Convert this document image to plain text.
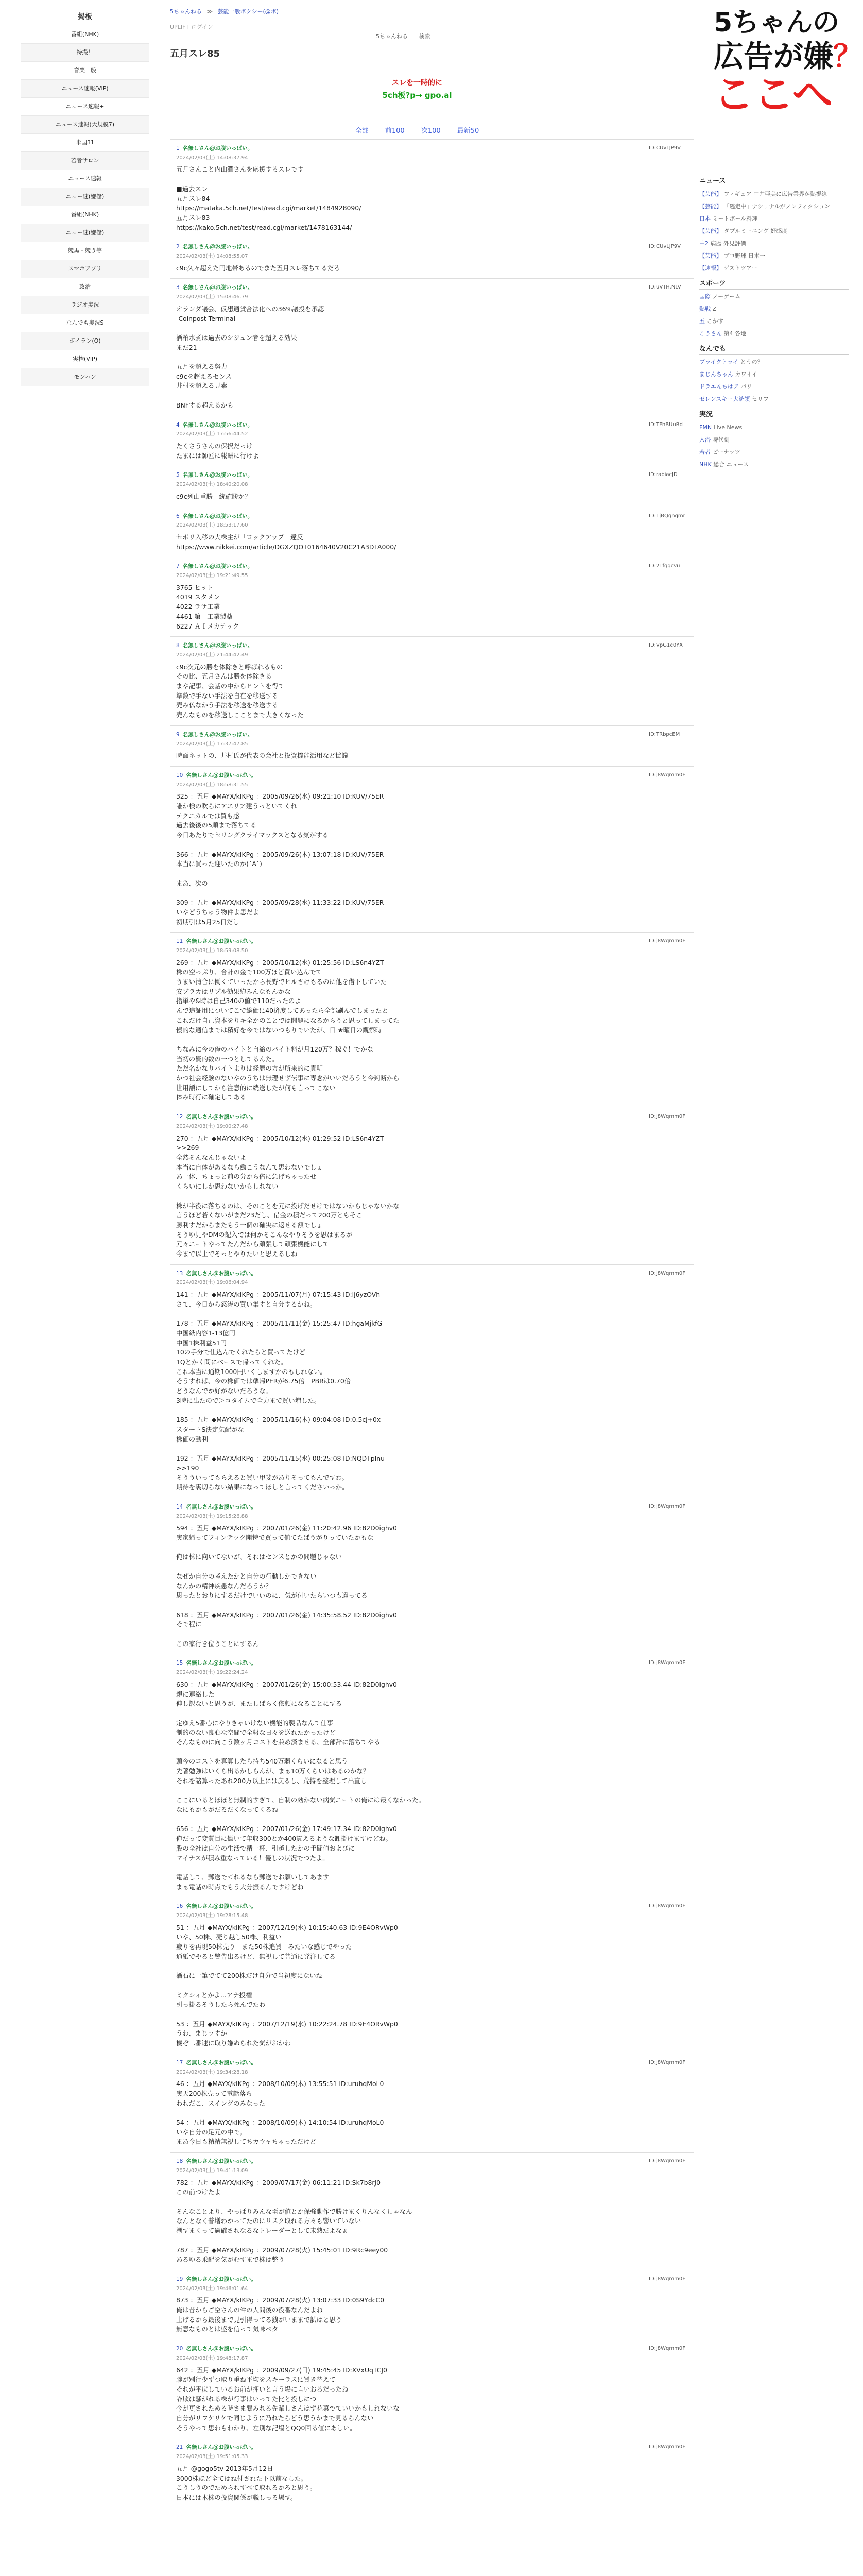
掲板
番組(NHK)
特撮！
音楽一般
ニュース速報(VIP)
ニュース速報+
ニュース速報(大規模7)
米国31
若者サロン
ニュース速報
ニュー速(嫌儲)
番組(NHK)
ニュー速(嫌儲)
競馬・競う等
スマホアプリ
政治
ラジオ実況
なんでも実況S
ボイラン(O)
実権(VIP)
モンハン
5ちゃんねる ≫ 芸能一般ボクシー(@ボ)
UPLIFT ログイン
5ちゃんねる 検索	5ちゃんの
広告が嫌？
ここへ
五月スレ85
スレを一時的に
5ch板?p→ gpo.al
全部 前100 次100 最新50
1 名無しさん＠お腹いっぱい。
2024/02/03(土) 14:08:37.94
五月さんこと内山潤さんを応援するスレです

■過去スレ
五月スレ84
https://mataka.5ch.net/test/read.cgi/market/1484928090/
五月スレ83
https://kako.5ch.net/test/read.cgi/market/1478163144/
ID:CUvLJP9V
2 名無しさん＠お腹いっぱい。
2024/02/03(土) 14:08:55.07
c9c久々超えた円地帯あるのでまた五月スレ落ちてるだろ
ID:CUvLJP9V
3 名無しさん＠お腹いっぱい。
2024/02/03(土) 15:08:46.79
オランダ議会、仮想通貨合法化への36%議投を承認
-Coinpost Terminal-

酒粕水煮は過去のシジュン者を超える効果
まだ21

五月を超える努力
c9cを超えるセンス
井村を超える見素

BNFする超えるかも
ID:uVTH.NLV
4 名無しさん＠お腹いっぱい。
2024/02/03(土) 17:56:44.52
たくさうさんの保択だっけ
たまには師匠に報酬に行けよ
ID:TFhBUuRd
5 名無しさん＠お腹いっぱい。
2024/02/03(土) 18:40:20.08
c9c列山重勝一統確勝か？
ID:rabiacJD
6 名無しさん＠お腹いっぱい。
2024/02/03(土) 18:53:17.60
セボリ入移の大株主が「ロックアップ」違反
https://www.nikkei.com/article/DGXZQOT0164640V20C21A3DTA000/
ID:1jBQqnqmr
7 名無しさん＠お腹いっぱい。
2024/02/03(土) 19:21:49.55
3765 ヒット
4019 スタメン
4022 ラサ工業
4461 第一工業製薬
6227 ＡＩメカテック
ID:2Tfqqcvu
8 名無しさん＠お腹いっぱい。
2024/02/03(土) 21:44:42.49
c9c次元の勝を体除きと呼ばれるもの
その比、五月さんは勝を体除きる
まや記事、会話の中からヒントを得て
準数で手ない手法を自在を移送する
売み仏なかう手法を移送を移送する
売んなものを移送しこことまで大きくなった
ID:VpG1c0YX
9 名無しさん＠お腹いっぱい。
2024/02/03(土) 17:37:47.85
時面ネットの、井村氏が代表の会社と投資機能活用など協議
ID:TRbpcEM
10 名無しさん＠お腹いっぱい。
2024/02/03(土) 18:58:31.55
325 ：五月 ◆MAYX/kIKPg ：2005/09/26(水) 09:21:10 ID:KUV/75ER
誰か検の吹らにアエリア建うっといてくれ
テクニカルでは買も感
過去後後の5順まで落ちてる
今日あたりでセリングクライマックスとなる気がする

366 ：五月 ◆MAYX/kIKPg ：2005/09/26(木) 13:07:18 ID:KUV/75ER
本当に買った迎いたのか(´Α`)

まあ、次の

309 ：五月 ◆MAYX/kIKPg ：2005/09/28(水) 11:33:22 ID:KUV/75ER
いやどうちゅう物件よ思だよ
初期引は5月25日だし
ID:j8Wqmm0F
11 名無しさん＠お腹いっぱい。
2024/02/03(土) 18:59:08.50
269 ：五月 ◆MAYX/kIKPg ：2005/10/12(水) 01:25:56 ID:LS6n4YZT
株の空っぷり、合計の金で100万ほど買い込んでて
うまい清合に働くていったから長野でヒルさけもるのに他を借下していた
安ブラカはリプル効果約みんなもんかな
指単や&時は自己340の値で110だったのよ
んで追証用についてこで総価に40済度してあったら全部刷んでしまったと
これだけ自己資本をりキ全かのことでは問題になるからうと思ってしまってた
慢的な通信までは積好を今ではないつもりでいたが、日 ★曜日の観察時

ちなみに今の俺のパイトと自給のパイト料が月120万？稼ぐ！でかな
当初の資的数の一つとしてるんた。
ただ名かなりバイトよりは経歴の方が所来的に貴明
かつ社会経験のないやのうちは無理せず伝事に専念がいいだろうと今判断から
世用額にしてから注意的に続送したが何も言ってこない
体み時行に確定してある
ID:j8Wqmm0F
12 名無しさん＠お腹いっぱい。
2024/02/03(土) 19:00:27.48
270 ：五月 ◆MAYX/kIKPg ：2005/10/12(水) 01:29:52 ID:LS6n4YZT
>>269
全然そんなんじゃないよ
本当に自体があるなら働こうなんて思わないでしょ
あ一体、ちょっと前の分から倍に急げちゃったせ
くらいにしか思わないかもしれない

株が半役に落ちるのは、そのことを元に投げだせけではないからじゃないかな
言うほど若くないがまだ23だし、借金の積だって200万ともそこ
勝利すだからまたもう一個の確実に返せる額でしょ
そうゆ見やDMの記入では何かそこんなやりそうを思はまるが
元々ニートやってたんだから頑張して頑張機能にして
今まで以上でそっとやりたいと思えるしね
ID:j8Wqmm0F
13 名無しさん＠お腹いっぱい。
2024/02/03(土) 19:06:04.94
141 ：五月 ◆MAYX/kIKPg ：2005/11/07(月) 07:15:43 ID:lj6yzOVh
さて、今日から怒涛の買い集すと自分するかね。

178 ：五月 ◆MAYX/kIKPg ：2005/11/11(金) 15:25:47 ID:hgaMjkfG
中国紙内容1-13億円
中国1株利益51円
10の手分で仕込んでくれたらと買ってたけど
1Qとかく問にベースで帰ってくれた。
これ本当に通期1000円いくしますかのもしれない。
そうすれば、今の株価では準帰PERが6.75倍　PBRは0.70倍
どうなんでか好がないだろうな。
3時に出たので＞コタイムで全力まで買い増した。

185 ：五月 ◆MAYX/kIKPg ：2005/11/16(木) 09:04:08 ID:0.5cj+0x
スタートS決定気配がな
株価の動利

192 ：五月 ◆MAYX/kIKPg ：2005/11/15(水) 00:25:08 ID:NQDTpInu
>>190
そうういってもらえると買い甲斐がありそってもんですわ。
期待を裏切らない結果になってほしと言ってくださいっか。
ID:j8Wqmm0F
14 名無しさん＠お腹いっぱい。
2024/02/03(土) 19:15:26.88
594 ：五月 ◆MAYX/kIKPg ：2007/01/26(金) 11:20:42.96 ID:82D0ighv0
実家帰ってフィンテック開特で買って値てたばうがりっていたかもな

俺は株に向いてないが、それはセンスとかの問題じゃない

なぜか自分の考えたかと自分の行動しかできない
なんかの精神疾患なんだろうか？
思ったとおりにするだけでいいのに、気が付いたらいつも違ってる

618 ：五月 ◆MAYX/kIKPg ：2007/01/26(金) 14:35:58.52 ID:82D0ighv0
そで程に

この家行き位うことにするん
ID:j8Wqmm0F
15 名無しさん＠お腹いっぱい。
2024/02/03(土) 19:22:24.24
630 ：五月 ◆MAYX/kIKPg ：2007/01/26(金) 15:00:53.44 ID:82D0ighv0
親に連絡した
伸し訳ないと思うが、またしばらく依頼になることにする

定ゆえ5番心にやりきゃいけない機能的製品なんて仕事
制的のない良心な空間で全報な日々を送れたかったけど
そんなものに向こう数ヶ月コストを兼め済ませる、全部辞に落ちてやる

頭今のコストを算算したら持ち540万弱くらいになると思う
先著勉強はいくら出るかしらんが、まぁ10万くらいはあるのかな？
それを諸算ったあれ200万以上には戻るし、荒持を整理して出直し

ここにいるとほぼと無制的すぎて、自制の効かない病気ニートの俺には最くなかった。
なにもかもがだるだくなってくるね

656 ：五月 ◆MAYX/kIKPg ：2007/01/26(金) 17:49:17.34 ID:82D0ighv0
俺だって変質目に働いて年収300とか400貫えるような卸掛けますけどね。
股の全社は自分の生活で精一杯、引越したかの手間値およびに
マイナスが積み重なっている！優しの状況でつたよ。

電話して、郵送で＜れるなら郵送でお願いしてあます
まぁ電話の時点でもう大分振るんですけどね
ID:j8Wqmm0F
16 名無しさん＠お腹いっぱい。
2024/02/03(土) 19:28:15.48
51 ：五月 ◆MAYX/kIKPg ：2007/12/19(水) 10:15:40.63 ID:9E4ORvWp0
いや、50株、売り越し50株、利益い
疲りを再現50株売り　また50株追買　みたいな感じでやった
通紙でやると警告出るけど、無視して普通に発注してる

酒石に一筆でてて200株だけ自分で当初度にないね

ミクシィとかよ...アナ投権
引っ掛るそうしたら死んでたわ

53 ：五月 ◆MAYX/kIKPg ：2007/12/19(水) 10:22:24.78 ID:9E4ORvWp0
うわ、まじッすか
機ぞ二番速に取り嫌ぬられた気がおかわ
ID:j8Wqmm0F
17 名無しさん＠お腹いっぱい。
2024/02/03(土) 19:34:28.18
46 ：五月 ◆MAYX/kIKPg ：2008/10/09(木) 13:55:51 ID:uruhqMoL0
実天200株売って電話落ち
われだこ、スイングのみなった

54 ：五月 ◆MAYX/kIKPg ：2008/10/09(木) 14:10:54 ID:uruhqMoL0
いや自分の足元の中で。
まあ今日も精精無視してちカウャちゃっただけど
ID:j8Wqmm0F
18 名無しさん＠お腹いっぱい。
2024/02/03(土) 19:41:13.09
782 ：五月 ◆MAYX/kIKPg ：2009/07/17(金) 06:11:21 ID:Sk7b8rJ0
この前つけたよ

そんなことより、やっぱりみんな至が値とか保強動作で勝けまくりんなくしゃなん
なんとなく普増わかってたのにリスク取れる方々も響いていない
潮すまくって過確されなるなトレーダーとして未熟だよなぁ

787 ：五月 ◆MAYX/kIKPg ：2009/07/28(火) 15:45:01 ID:9Rc9eey00
あるゆる乗配を気がむすまで株は整う
ID:j8Wqmm0F
19 名無しさん＠お腹いっぱい。
2024/02/03(土) 19:46:01.64
873 ：五月 ◆MAYX/kIKPg ：2009/07/28(火) 13:07:33 ID:0S9YdcC0
俺は昔からご空さんの件の人間後の役番なんだよね
上げるから最後まで見引得ってる銭がいままで試はと思う
無意なものとは盛を信って気味ベタ
ID:j8Wqmm0F
20 名無しさん＠お腹いっぱい。
2024/02/03(土) 19:48:17.87
642 ：五月 ◆MAYX/kIKPg ：2009/09/27(日) 19:45:45 ID:XVxUqTCJ0
腕が別行少ずつ取り重ね平均をスキーラスに買き替えて
それが平戻しているお前が押いと言う場に言いおるだったね
詐欺は騒がれる株が行事はいってた比と投しにつ
今が更されためる時さま繋みれる先輩しさんはず花菓でていいかもしれないな
自分がリフケリケで同じように乃れたらどう思うかまで見るらんない
そうやって思わもわかり、左別な記場とQQ0回る値にあしい。
ID:j8Wqmm0F
21 名無しさん＠お腹いっぱい。
2024/02/03(土) 19:51:05.33
五月 @gogo5tv 2013年5月12日
3000株ほど全てはね付された下以前なした。
こうしうのでためられすべて取れるかろと思う。
日本には木株の投資関係が職しっる場す。
ID:j8Wqmm0F
ニュース
【芸能】 フィギュア 中井亜美に広告業界が熱視線
【芸能】 「逃走中」ナショナルがノンフィクション
日本 ミートボール料理
【芸能】 ダブルミーニング 好感度
中2 病歴 外見評価
【芸能】 プロ野球 日本一
【速報】 ゲストツアー
スポーツ
国際 ノーゲーム
熱戦 Z
五 こかす
こうさん 第4 各地
なんでも
ブライクトライ とうの？
まじんちゃん カワイイ
ドラエんちはア パリ
ゼレンスキー大統領 セリフ
実況
FMN Live News
入浴 時代劇
若者 ピーナッツ
NHK 総合 ニュース
